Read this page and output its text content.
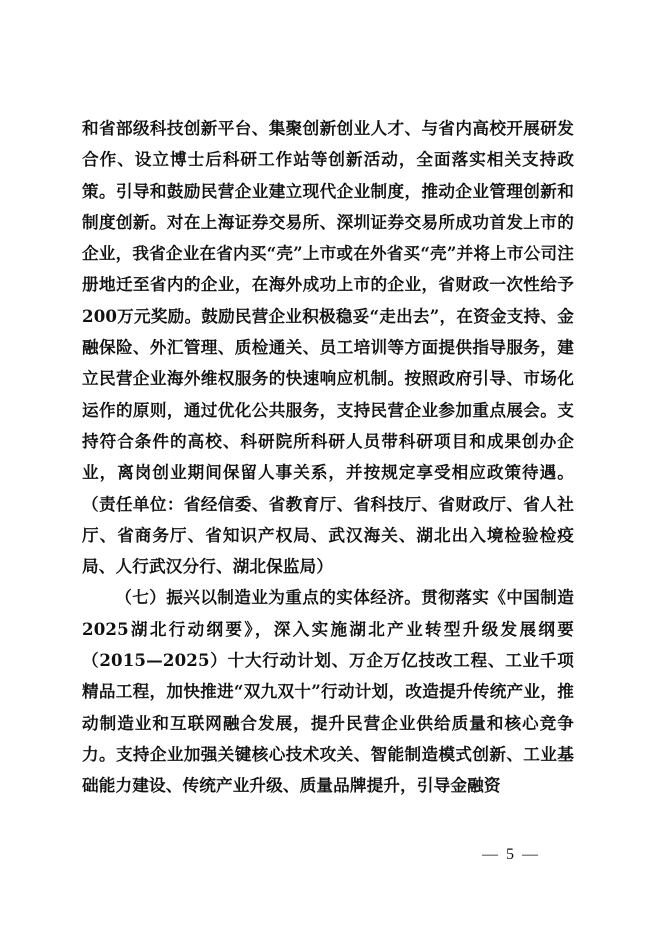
和省部级科技创新平台、集聚创新创业人才、与省内高校开展研发合作、设立博士后科研工作站等创新活动，全面落实相关支持政策。引导和鼓励民营企业建立现代企业制度，推动企业管理创新和制度创新。对在上海证券交易所、深圳证券交易所成功首发上市的企业，我省企业在省内买“壳”上市或在外省买“壳”并将上市公司注册地迁至省内的企业，在海外成功上市的企业，省财政一次性给予200万元奖励。鼓励民营企业积极稳妥“走出去”，在资金支持、金融保险、外汇管理、质检通关、员工培训等方面提供指导服务，建立民营企业海外维权服务的快速响应机制。按照政府引导、市场化运作的原则，通过优化公共服务，支持民营企业参加重点展会。支持符合条件的高校、科研院所科研人员带科研项目和成果创办企业，离岗创业期间保留人事关系，并按规定享受相应政策待遇。（责任单位：省经信委、省教育厅、省科技厅、省财政厅、省人社厅、省商务厅、省知识产权局、武汉海关、湖北出入境检验检疫局、人行武汉分行、湖北保监局）

（七）振兴以制造业为重点的实体经济。贯彻落实《中国制造2025湖北行动纲要》，深入实施湖北产业转型升级发展纲要（2015—2025）十大行动计划、万企万亿技改工程、工业千项精品工程，加快推进“双九双十”行动计划，改造提升传统产业，推动制造业和互联网融合发展，提升民营企业供给质量和核心竞争力。支持企业加强关键核心技术攻关、智能制造模式创新、工业基础能力建设、传统产业升级、质量品牌提升，引导金融资

— 5 —
